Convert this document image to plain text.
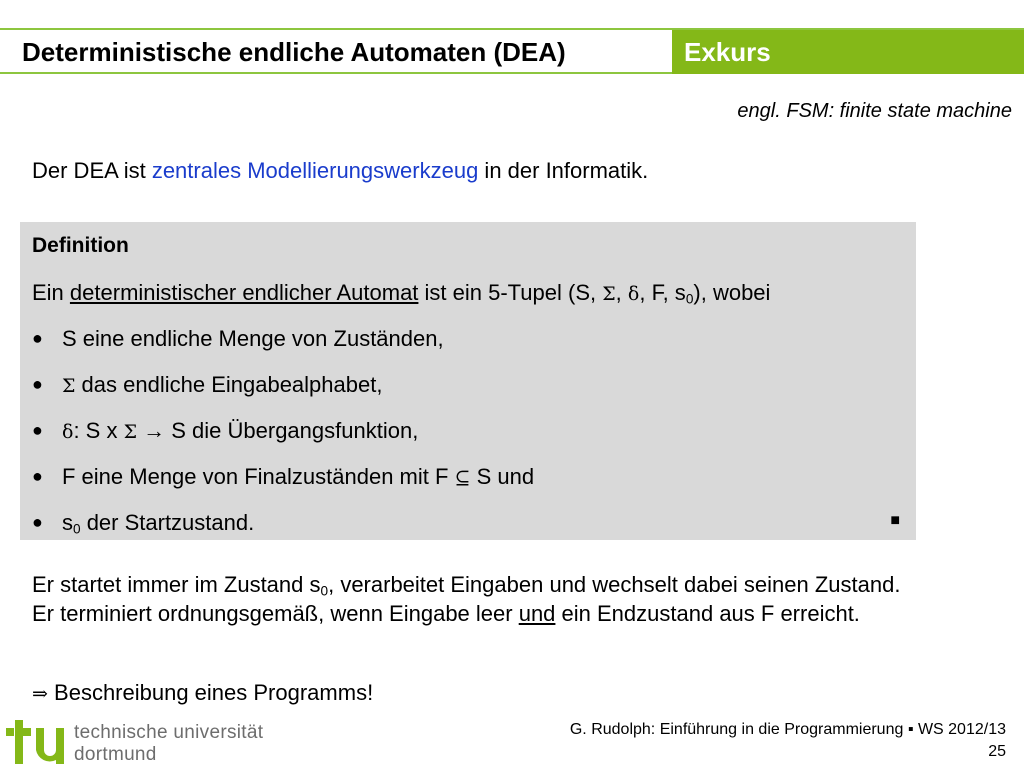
Deterministische endliche Automaten (DEA)	Exkurs
engl. FSM: finite state machine
Der DEA ist zentrales Modellierungswerkzeug in der Informatik.
Definition
Ein deterministischer endlicher Automat ist ein 5-Tupel (S, Σ, δ, F, $s_0$), wobei
● S eine endliche Menge von Zuständen,
● Σ das endliche Eingabealphabet,
● δ: S x Σ → S die Übergangsfunktion,
● F eine Menge von Finalzuständen mit F ⊆ S und
● $s_0$ der Startzustand.	■
Er startet immer im Zustand $s_0$, verarbeitet Eingaben und wechselt dabei seinen Zustand. Er terminiert ordnungsgemäß, wenn Eingabe leer und ein Endzustand aus F erreicht.
⇒ Beschreibung eines Programms!
technische universität
dortmund
G. Rudolph: Einführung in die Programmierung ▪ WS 2012/13
25
